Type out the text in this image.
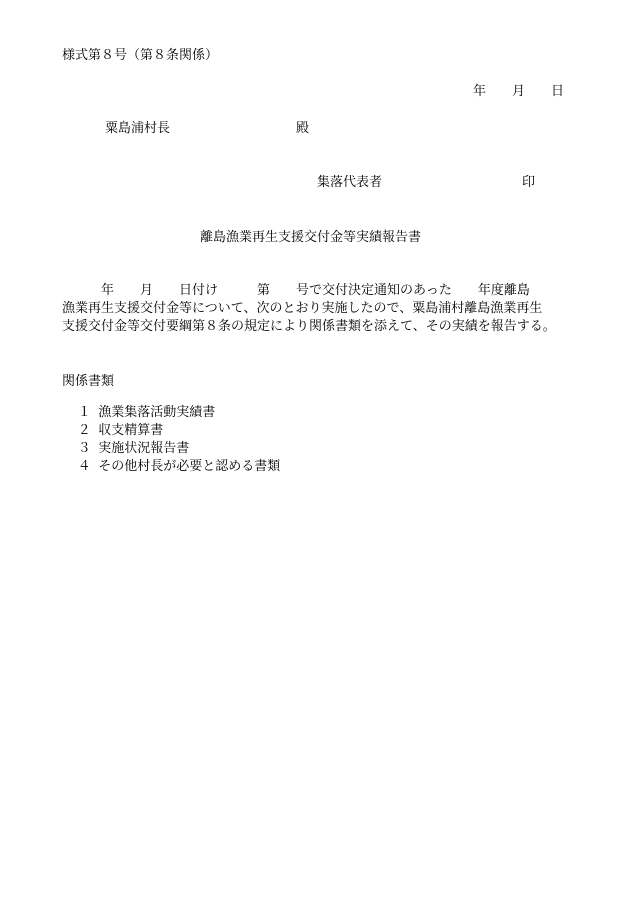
様式第８号（第８条関係）
年　　月　　日
粟島浦村長	殿
集落代表者	印
離島漁業再生支援交付金等実績報告書
　　　年　　月　　日付け　　　第　　号で交付決定通知のあった　　年度離島
漁業再生支援交付金等について、次のとおり実施したので、粟島浦村離島漁業再生
支援交付金等交付要綱第８条の規定により関係書類を添えて、その実績を報告する。
関係書類

１ 漁業集落活動実績書

２ 収支精算書

３ 実施状況報告書

４ その他村長が必要と認める書類
